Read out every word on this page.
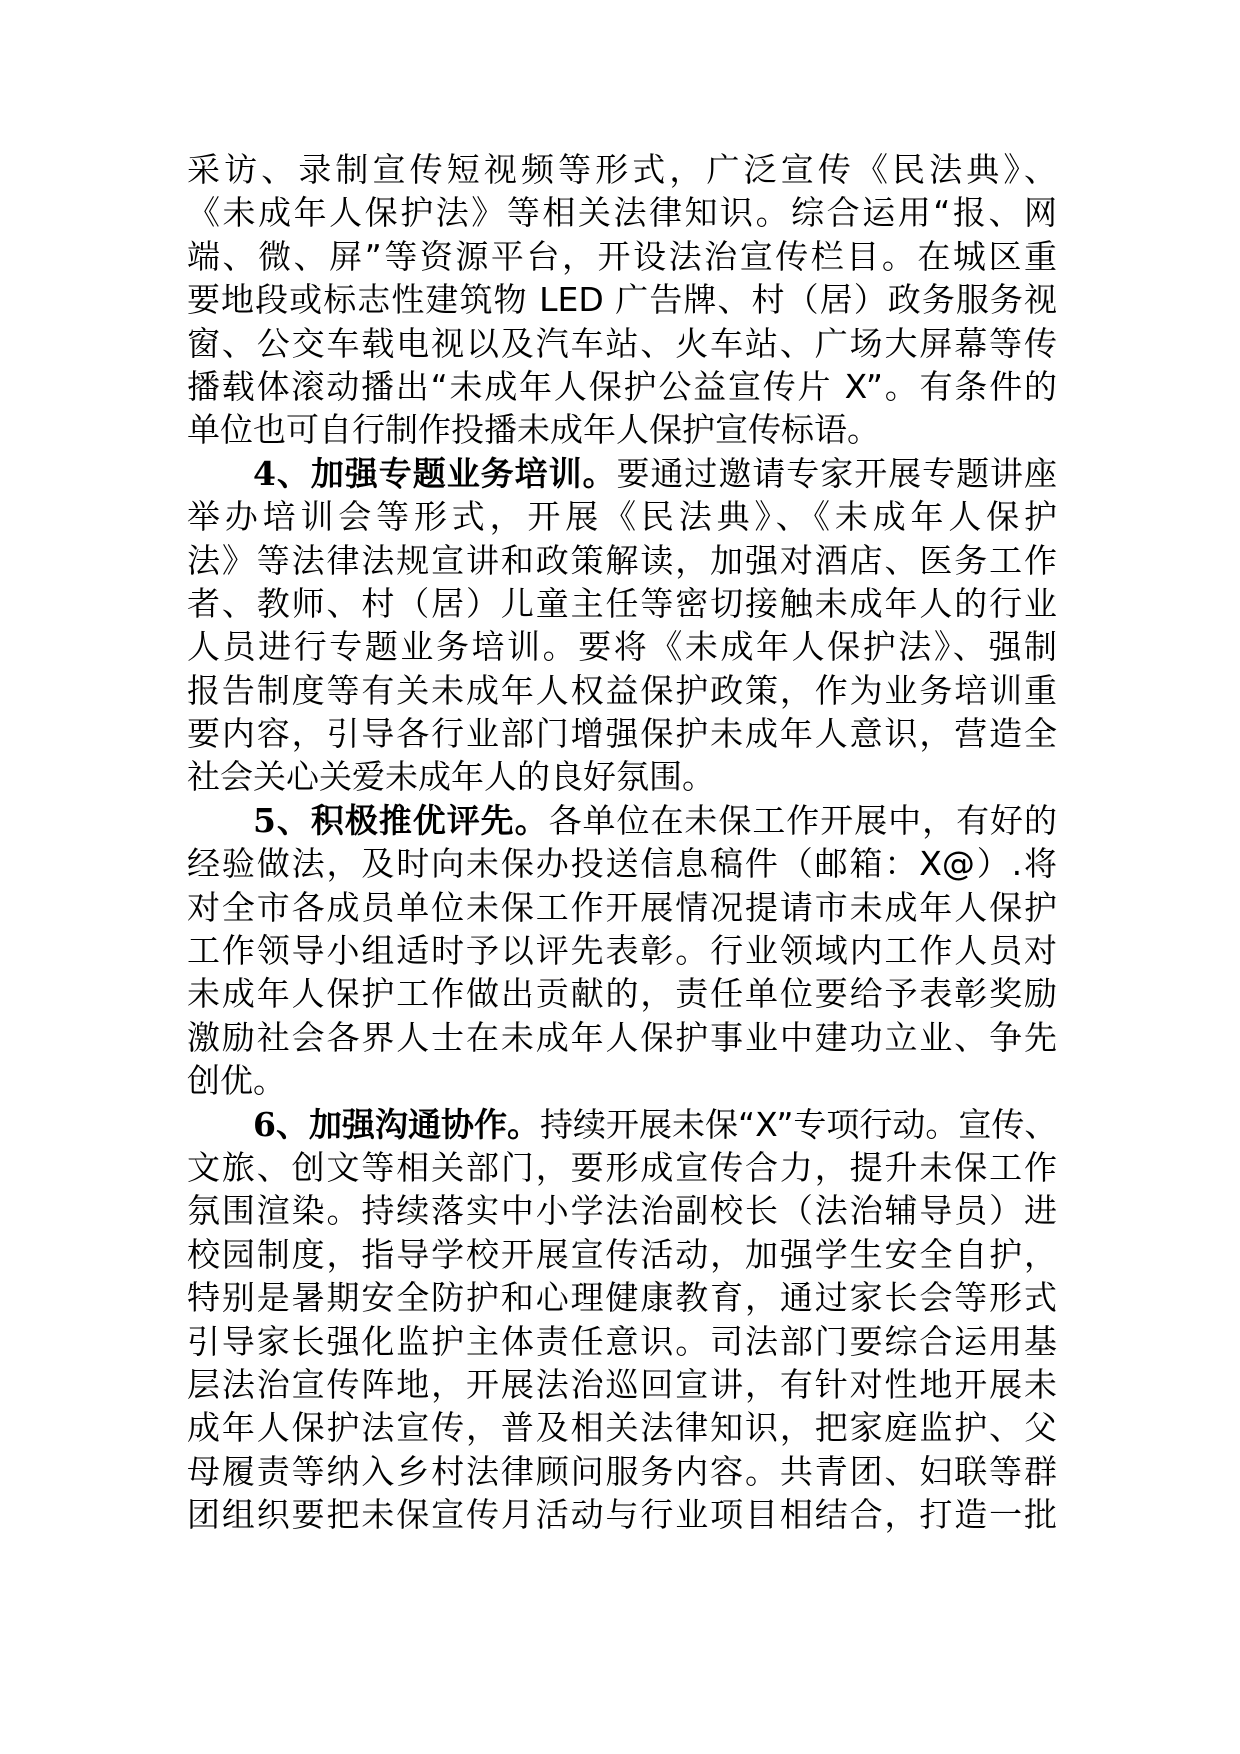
采访、录制宣传短视频等形式，广泛宣传《民法典》、
《未成年人保护法》等相关法律知识。综合运用“报、网
端、微、屏”等资源平台，开设法治宣传栏目。在城区重
要地段或标志性建筑物 LED 广告牌、村（居）政务服务视
窗、公交车载电视以及汽车站、火车站、广场大屏幕等传
播载体滚动播出“未成年人保护公益宣传片 X”。有条件的
单位也可自行制作投播未成年人保护宣传标语。
4、加强专题业务培训。要通过邀请专家开展专题讲座
举办培训会等形式，开展《民法典》、《未成年人保护
法》等法律法规宣讲和政策解读，加强对酒店、医务工作
者、教师、村（居）儿童主任等密切接触未成年人的行业
人员进行专题业务培训。要将《未成年人保护法》、强制
报告制度等有关未成年人权益保护政策，作为业务培训重
要内容，引导各行业部门增强保护未成年人意识，营造全
社会关心关爱未成年人的良好氛围。
5、积极推优评先。各单位在未保工作开展中，有好的
经验做法，及时向未保办投送信息稿件（邮箱：X@）.将
对全市各成员单位未保工作开展情况提请市未成年人保护
工作领导小组适时予以评先表彰。行业领域内工作人员对
未成年人保护工作做出贡献的，责任单位要给予表彰奖励
激励社会各界人士在未成年人保护事业中建功立业、争先
创优。
6、加强沟通协作。持续开展未保“X”专项行动。宣传、
文旅、创文等相关部门，要形成宣传合力，提升未保工作
氛围渲染。持续落实中小学法治副校长（法治辅导员）进
校园制度，指导学校开展宣传活动，加强学生安全自护，
特别是暑期安全防护和心理健康教育，通过家长会等形式
引导家长强化监护主体责任意识。司法部门要综合运用基
层法治宣传阵地，开展法治巡回宣讲，有针对性地开展未
成年人保护法宣传，普及相关法律知识，把家庭监护、父
母履责等纳入乡村法律顾问服务内容。共青团、妇联等群
团组织要把未保宣传月活动与行业项目相结合，打造一批
